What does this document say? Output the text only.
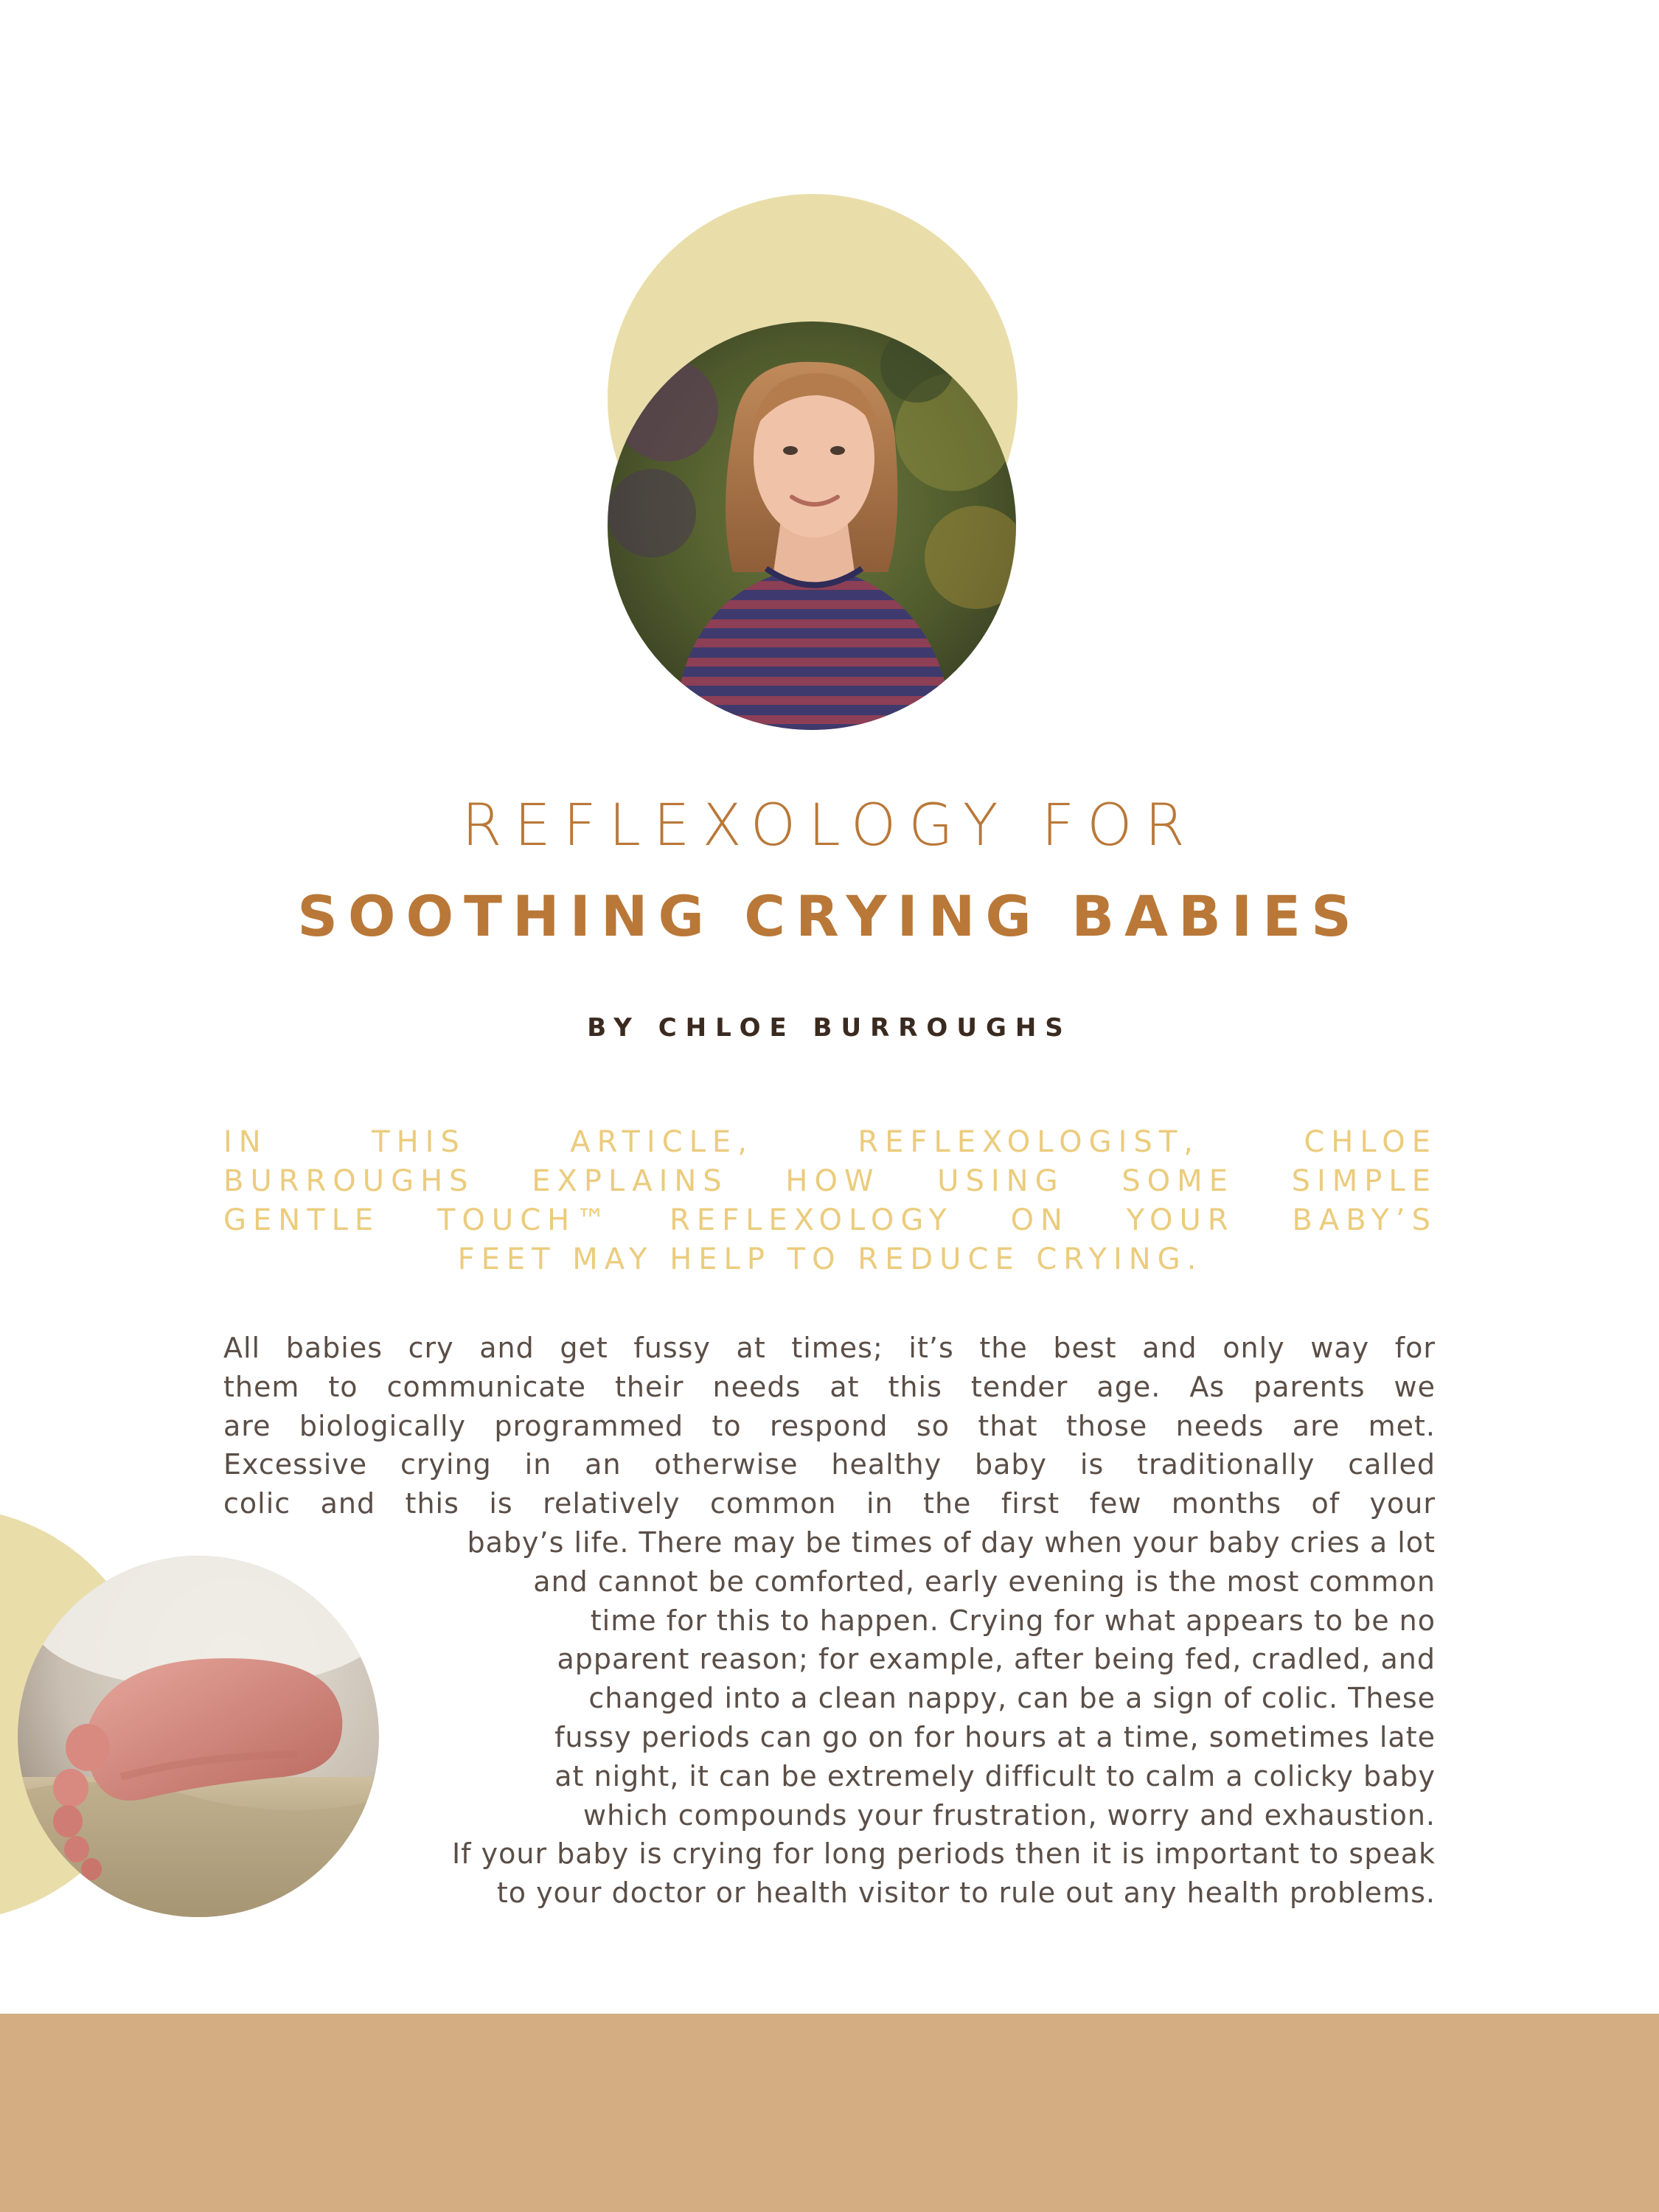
REFLEXOLOGY FOR
SOOTHING CRYING BABIES
BY CHLOE BURROUGHS
IN THIS ARTICLE, REFLEXOLOGIST, CHLOE
BURROUGHS EXPLAINS HOW USING SOME SIMPLE
GENTLE TOUCH™ REFLEXOLOGY ON YOUR BABY’S
FEET MAY HELP TO REDUCE CRYING.
All babies cry and get fussy at times; it’s the best and only way for
them to communicate their needs at this tender age. As parents we
are biologically programmed to respond so that those needs are met.
Excessive crying in an otherwise healthy baby is traditionally called
colic and this is relatively common in the first few months of your
baby’s life. There may be times of day when your baby cries a lot
and cannot be comforted, early evening is the most common
time for this to happen. Crying for what appears to be no
apparent reason; for example, after being fed, cradled, and
changed into a clean nappy, can be a sign of colic. These
fussy periods can go on for hours at a time, sometimes late
at night, it can be extremely difficult to calm a colicky baby
which compounds your frustration, worry and exhaustion.
If your baby is crying for long periods then it is important to speak
to your doctor or health visitor to rule out any health problems.
